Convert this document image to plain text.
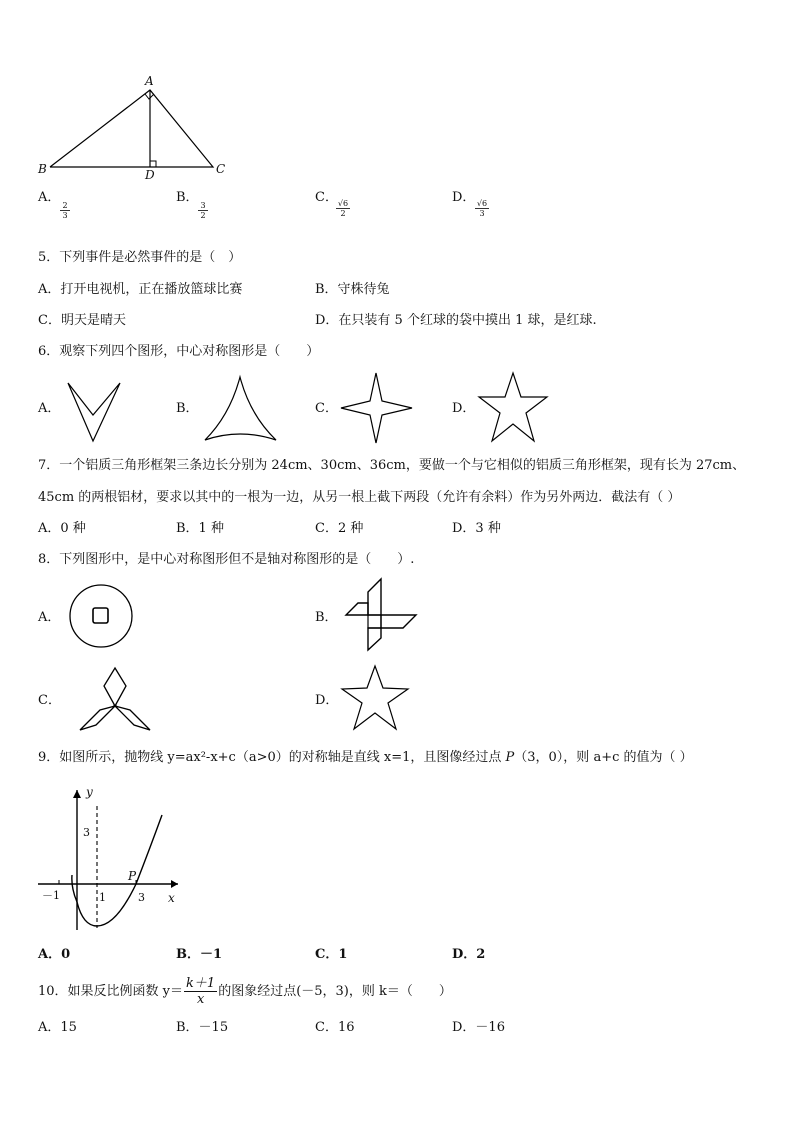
A
B	C
D
A．
$\frac{2}{3}$
B．
$\frac{3}{2}$
C．
$\frac{√6}{2}$
D．
$\frac{√6}{3}$
5．下列事件是必然事件的是（　）
A．打开电视机，正在播放篮球比赛	B．守株待兔
C．明天是晴天	D．在只装有 5 个红球的袋中摸出 1 球，是红球.
6．观察下列四个图形，中心对称图形是（　　）
A．	B．	C．	D．
7．一个铝质三角形框架三条边长分别为 24cm、30cm、36cm，要做一个与它相似的铝质三角形框架，现有长为 27cm、
45cm 的两根铝材，要求以其中的一根为一边，从另一根上截下两段（允许有余料）作为另外两边．截法有（ ）
A．0 种	B．1 种	C．2 种	D．3 种
8．下列图形中，是中心对称图形但不是轴对称图形的是（　　）.
A．	B．
C．	D．
9．如图所示，抛物线 y=ax²-x+c（a>0）的对称轴是直线 x=1，且图像经过点 P（3，0），则 a+c 的值为（ ）
y
x
3
－1	1	3
P
A．0	B．－1	C．1	D．2
10．如果反比例函数 $y= \frac{k+1}{x}$ 的图象经过点(－5，3)，则 k＝（　　）
A．15	B．－15	C．16	D．－16
